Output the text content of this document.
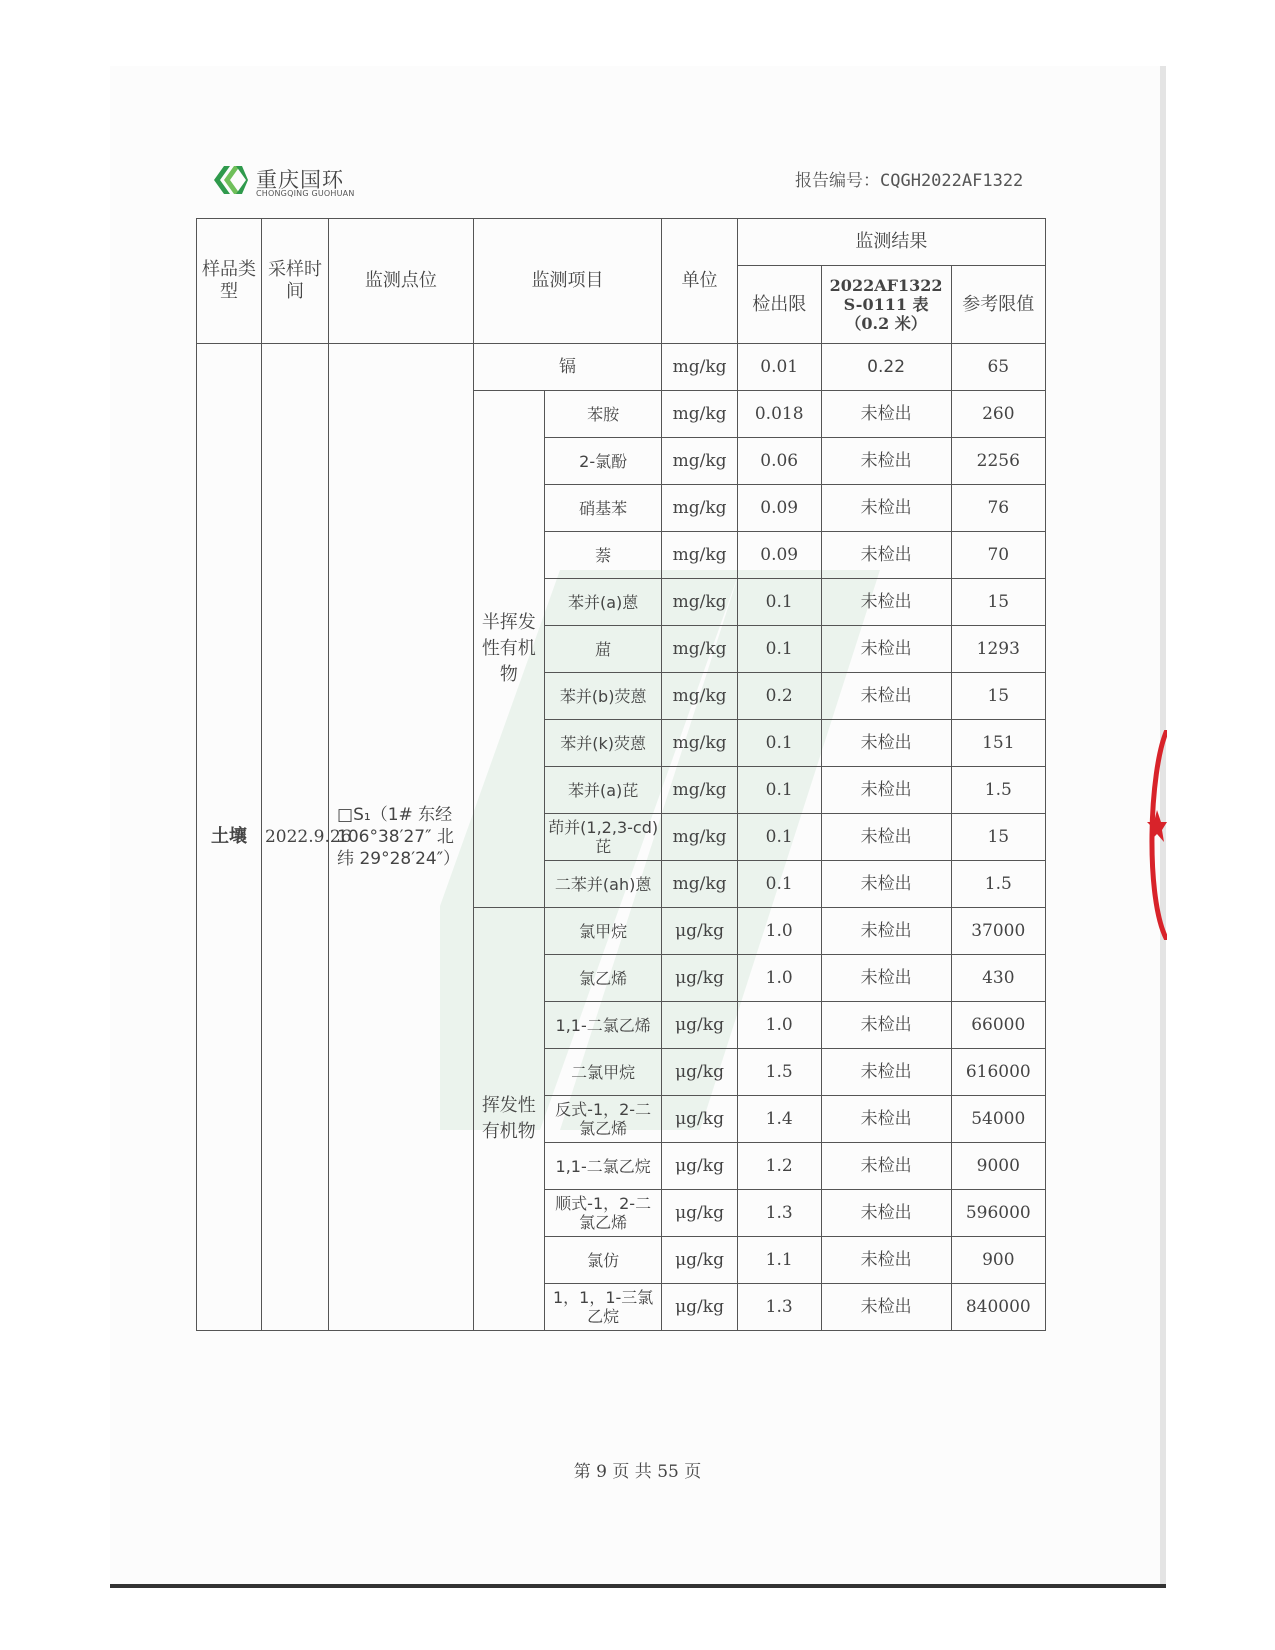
重庆国环
CHONGQING GUOHUAN
报告编号：CQGH2022AF1322
样品类型	采样时间	监测点位	监测项目		单位	监测结果		
						检出限	2022AF1322 S-0111 表（0.2 米）	参考限值
土壤	2022.9.26	□S₁（1# 东经106°38′27″ 北纬 29°28′24″）	镉		mg/kg	0.01	0.22	65
			半挥发性有机物	苯胺	mg/kg	0.018	未检出	260
				2-氯酚	mg/kg	0.06	未检出	2256
				硝基苯	mg/kg	0.09	未检出	76
				萘	mg/kg	0.09	未检出	70
				苯并(a)蒽	mg/kg	0.1	未检出	15
				䓛	mg/kg	0.1	未检出	1293
				苯并(b)荧蒽	mg/kg	0.2	未检出	15
				苯并(k)荧蒽	mg/kg	0.1	未检出	151
				苯并(a)芘	mg/kg	0.1	未检出	1.5
				茚并(1,2,3-cd)芘	mg/kg	0.1	未检出	15
				二苯并(ah)蒽	mg/kg	0.1	未检出	1.5
			挥发性有机物	氯甲烷	μg/kg	1.0	未检出	37000
				氯乙烯	μg/kg	1.0	未检出	430
				1,1-二氯乙烯	μg/kg	1.0	未检出	66000
				二氯甲烷	μg/kg	1.5	未检出	616000
				反式-1，2-二氯乙烯	μg/kg	1.4	未检出	54000
				1,1-二氯乙烷	μg/kg	1.2	未检出	9000
				顺式-1，2-二氯乙烯	μg/kg	1.3	未检出	596000
				氯仿	μg/kg	1.1	未检出	900
				1，1，1-三氯乙烷	μg/kg	1.3	未检出	840000
第 9 页 共 55 页
